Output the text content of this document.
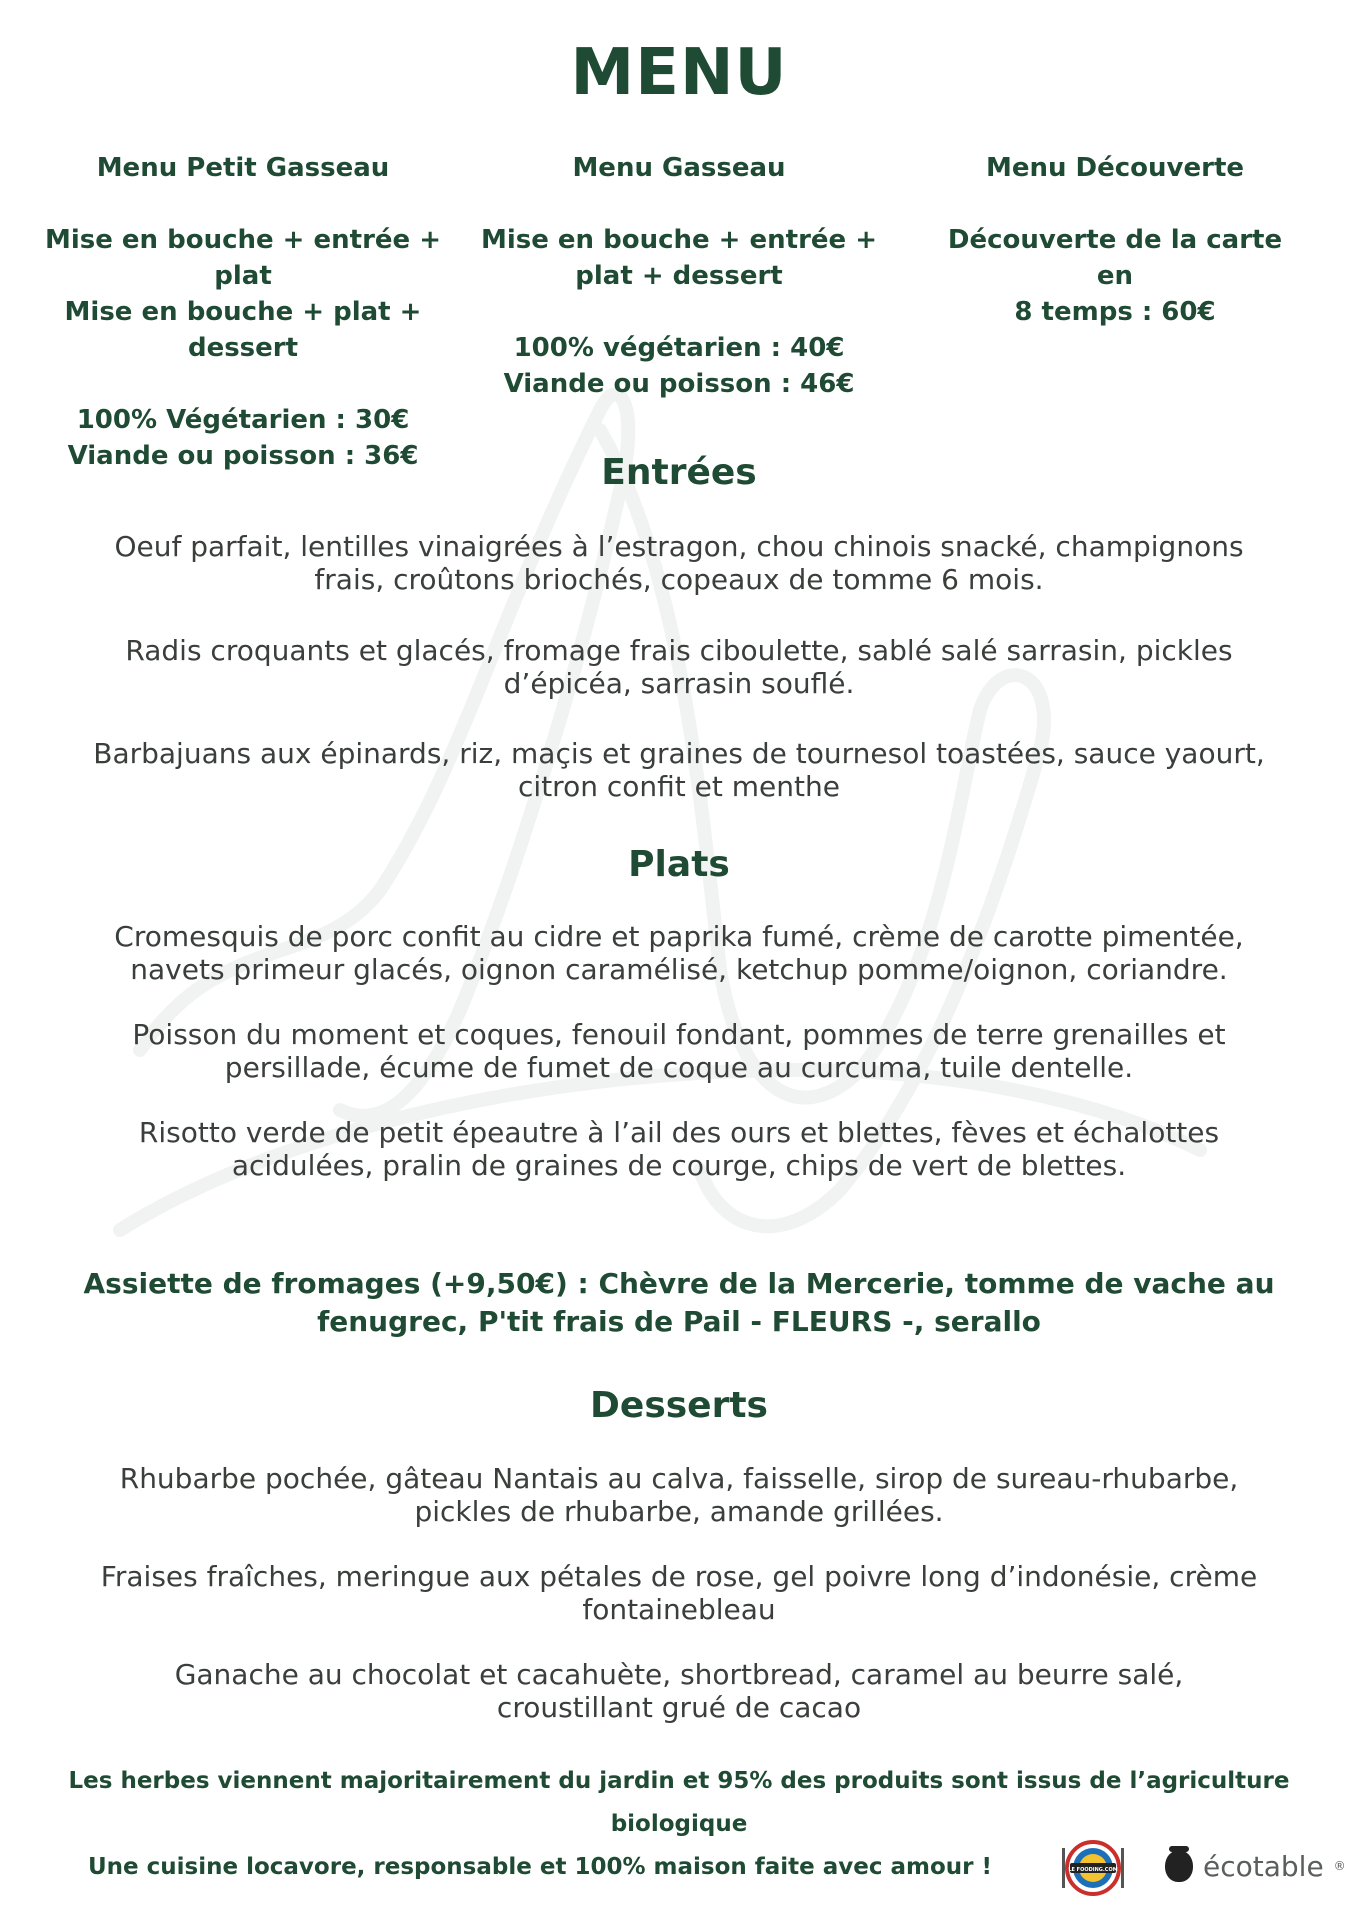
MENU
Menu Petit Gasseau
Mise en bouche + entrée + plat
Mise en bouche + plat + dessert
100% Végétarien : 30€
Viande ou poisson : 36€
Menu Gasseau
Mise en bouche + entrée +
plat + dessert
100% végétarien : 40€
Viande ou poisson : 46€
Menu Découverte
Découverte de la carte
en
8 temps : 60€
Entrées
Oeuf parfait, lentilles vinaigrées à l’estragon, chou chinois snacké, champignons
frais, croûtons briochés, copeaux de tomme 6 mois.
Radis croquants et glacés, fromage frais ciboulette, sablé salé sarrasin, pickles
d’épicéa, sarrasin souflé.
Barbajuans aux épinards, riz, maçis et graines de tournesol toastées, sauce yaourt,
citron confit et menthe
Plats
Cromesquis de porc confit au cidre et paprika fumé, crème de carotte pimentée,
navets primeur glacés, oignon caramélisé, ketchup pomme/oignon, coriandre.
Poisson du moment et coques, fenouil fondant, pommes de terre grenailles et
persillade, écume de fumet de coque au curcuma, tuile dentelle.
Risotto verde de petit épeautre à l’ail des ours et blettes, fèves et échalottes
acidulées, pralin de graines de courge, chips de vert de blettes.
Assiette de fromages (+9,50€) : Chèvre de la Mercerie, tomme de vache au
fenugrec, P'tit frais de Pail - FLEURS -, serallo
Desserts
Rhubarbe pochée, gâteau Nantais au calva, faisselle, sirop de sureau-rhubarbe,
pickles de rhubarbe, amande grillées.
Fraises fraîches, meringue aux pétales de rose, gel poivre long d’indonésie, crème
fontainebleau
Ganache au chocolat et cacahuète, shortbread, caramel au beurre salé,
croustillant grué de cacao
Les herbes viennent majoritairement du jardin et 95% des produits sont issus de l’agriculture
biologique
Une cuisine locavore, responsable et 100% maison faite avec amour !	LE FOODING.COM	écotable ®
